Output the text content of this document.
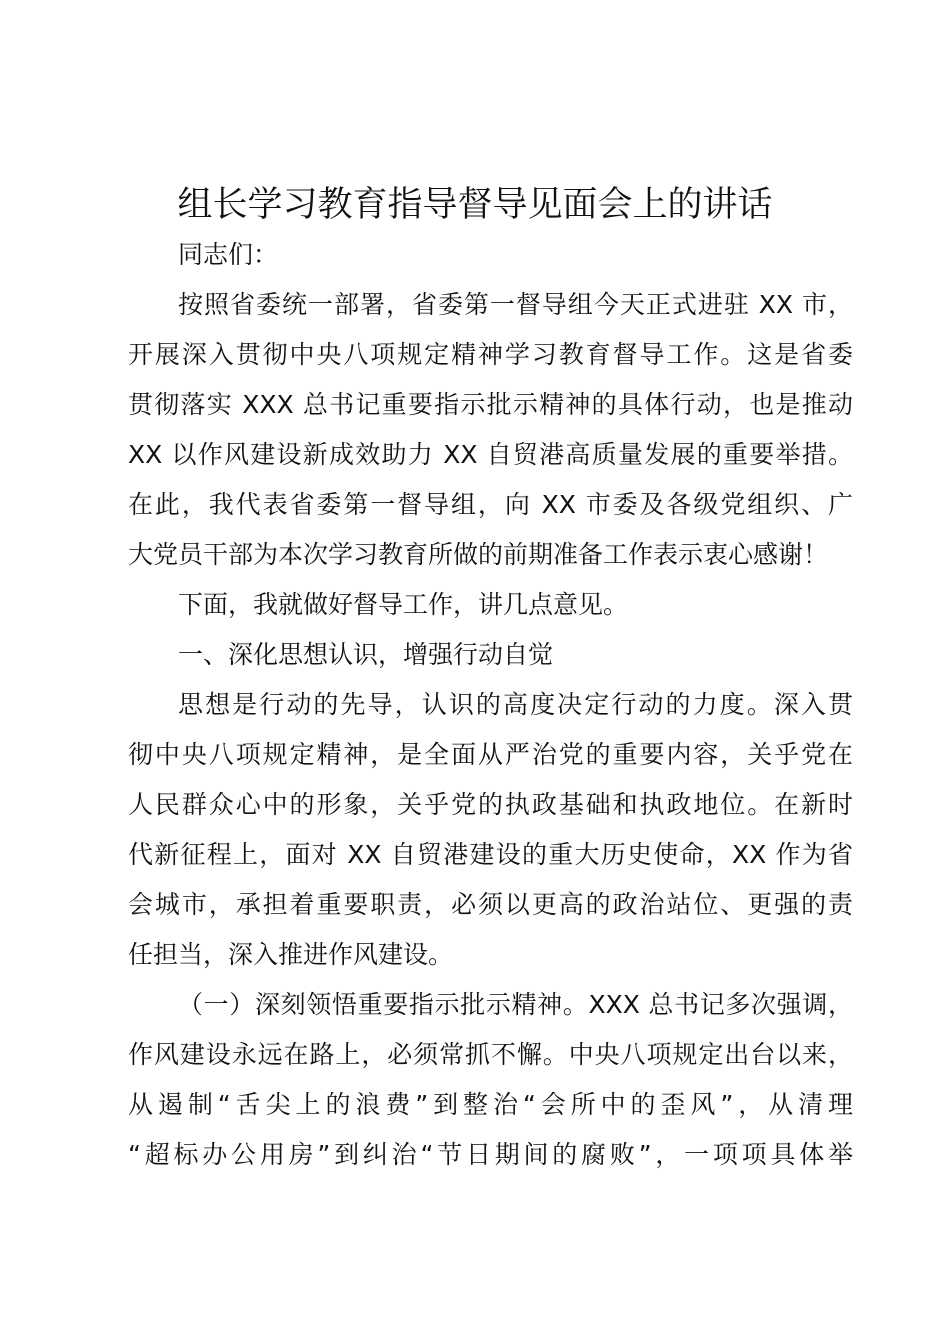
组长学习教育指导督导见面会上的讲话
同志们：
按照省委统一部署，省委第一督导组今天正式进驻 XX 市，
开展深入贯彻中央八项规定精神学习教育督导工作。这是省委
贯彻落实 XXX 总书记重要指示批示精神的具体行动，也是推动
XX 以作风建设新成效助力 XX 自贸港高质量发展的重要举措。
在此，我代表省委第一督导组，向 XX 市委及各级党组织、广
大党员干部为本次学习教育所做的前期准备工作表示衷心感谢！
下面，我就做好督导工作，讲几点意见。
一、深化思想认识，增强行动自觉
思想是行动的先导，认识的高度决定行动的力度。深入贯
彻中央八项规定精神，是全面从严治党的重要内容，关乎党在
人民群众心中的形象，关乎党的执政基础和执政地位。在新时
代新征程上，面对 XX 自贸港建设的重大历史使命，XX 作为省
会城市，承担着重要职责，必须以更高的政治站位、更强的责
任担当，深入推进作风建设。
（一）深刻领悟重要指示批示精神。XXX 总书记多次强调，
作风建设永远在路上，必须常抓不懈。中央八项规定出台以来，
从遏制“舌尖上的浪费”到整治“会所中的歪风”，从清理
“超标办公用房”到纠治“节日期间的腐败”，一项项具体举
